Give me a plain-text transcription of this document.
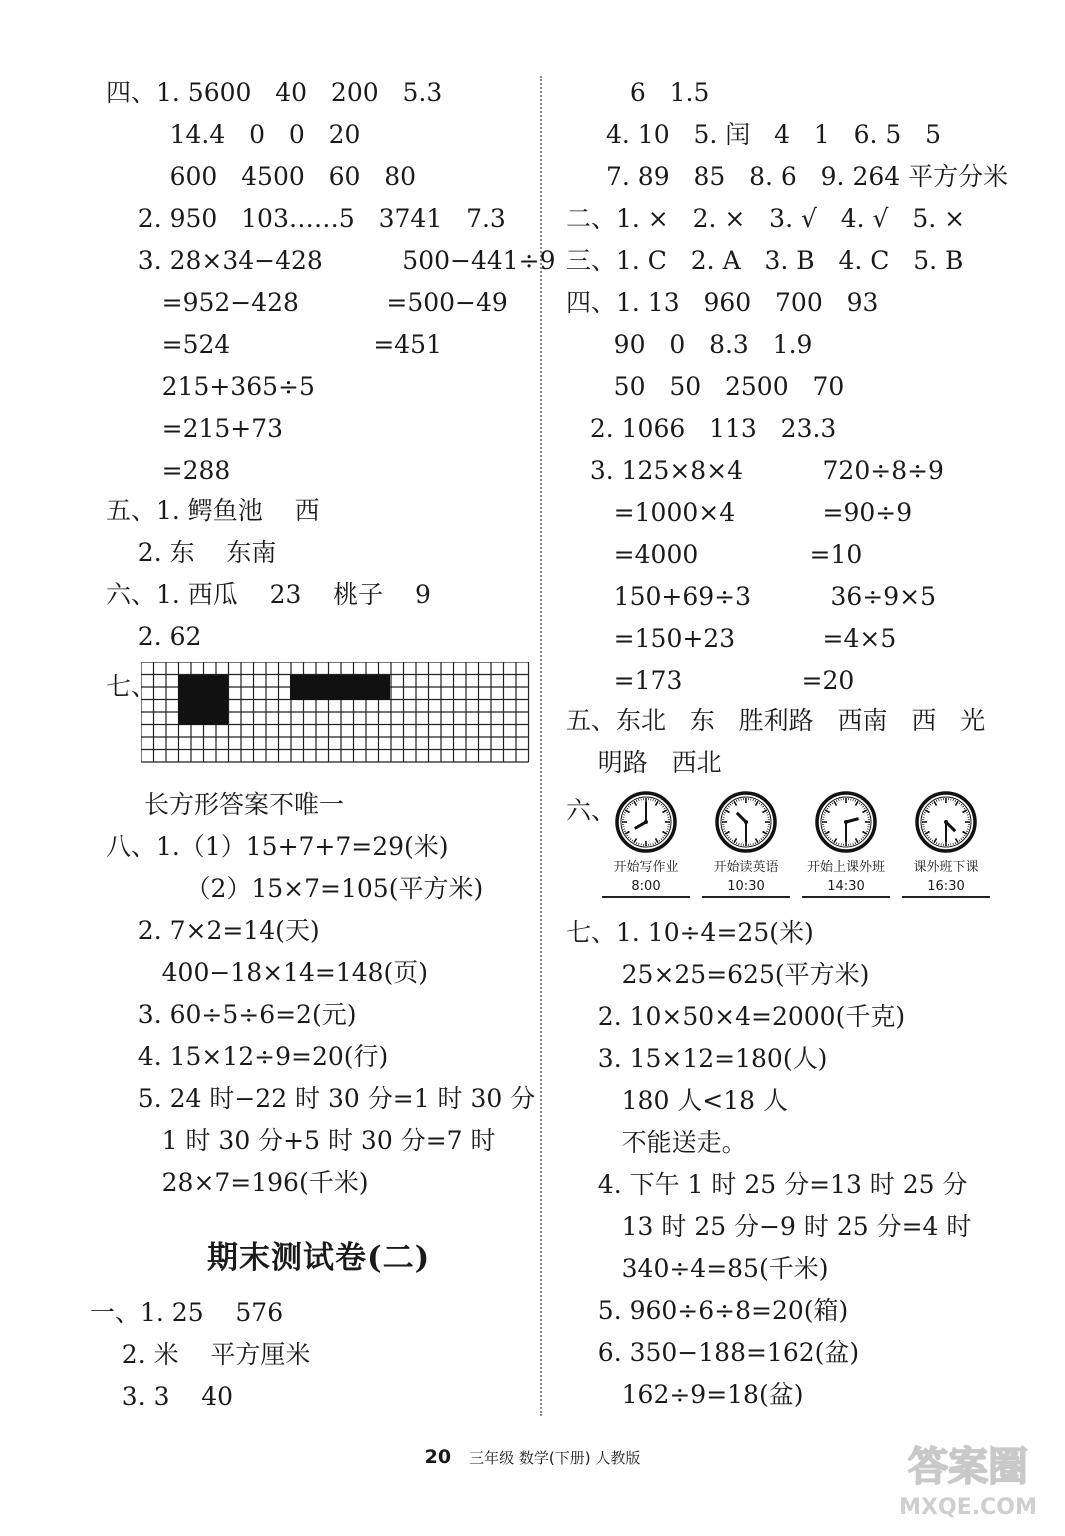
四、1. 5600   40   200   5.3
14.4   0   0   20
600   4500   60   80
2. 950   103……5   3741   7.3
3. 28×34−428          500−441÷9
=952−428           =500−49
=524                  =451
215+365÷5
=215+73
=288
五、1. 鳄鱼池    西
2. 东    东南
六、1. 西瓜    23    桃子    9
2. 62
七、
长方形答案不唯一
八、1.（1）15+7+7=29(米)
（2）15×7=105(平方米)
2. 7×2=14(天)
400−18×14=148(页)
3. 60÷5÷6=2(元)
4. 15×12÷9=20(行)
5. 24 时−22 时 30 分=1 时 30 分
1 时 30 分+5 时 30 分=7 时
28×7=196(千米)
期末测试卷(二)
一、1. 25    576
2. 米    平方厘米
3. 3    40
6   1.5
4. 10   5. 闰   4   1   6. 5   5
7. 89   85   8. 6   9. 264 平方分米
二、1. ×   2. ×   3. √   4. √   5. ×
三、1. C   2. A   3. B   4. C   5. B
四、1. 13   960   700   93
90   0   8.3   1.9
50   50   2500   70
2. 1066   113   23.3
3. 125×8×4          720÷8÷9
=1000×4           =90÷9
=4000              =10
150+69÷3          36÷9×5
=150+23           =4×5
=173               =20
五、东北   东   胜利路   西南   西   光
明路   西北
六、
开始写作业
8:00
开始读英语
10:30
开始上课外班
14:30
课外班下课
16:30
七、1. 10÷4=25(米)
25×25=625(平方米)
2. 10×50×4=2000(千克)
3. 15×12=180(人)
180 人<18 人
不能送走。
4. 下午 1 时 25 分=13 时 25 分
13 时 25 分−9 时 25 分=4 时
340÷4=85(千米)
5. 960÷6÷8=20(箱)
6. 350−188=162(盆)
162÷9=18(盆)
20 三年级 数学(下册) 人教版	答案圈
MXQE.COM
